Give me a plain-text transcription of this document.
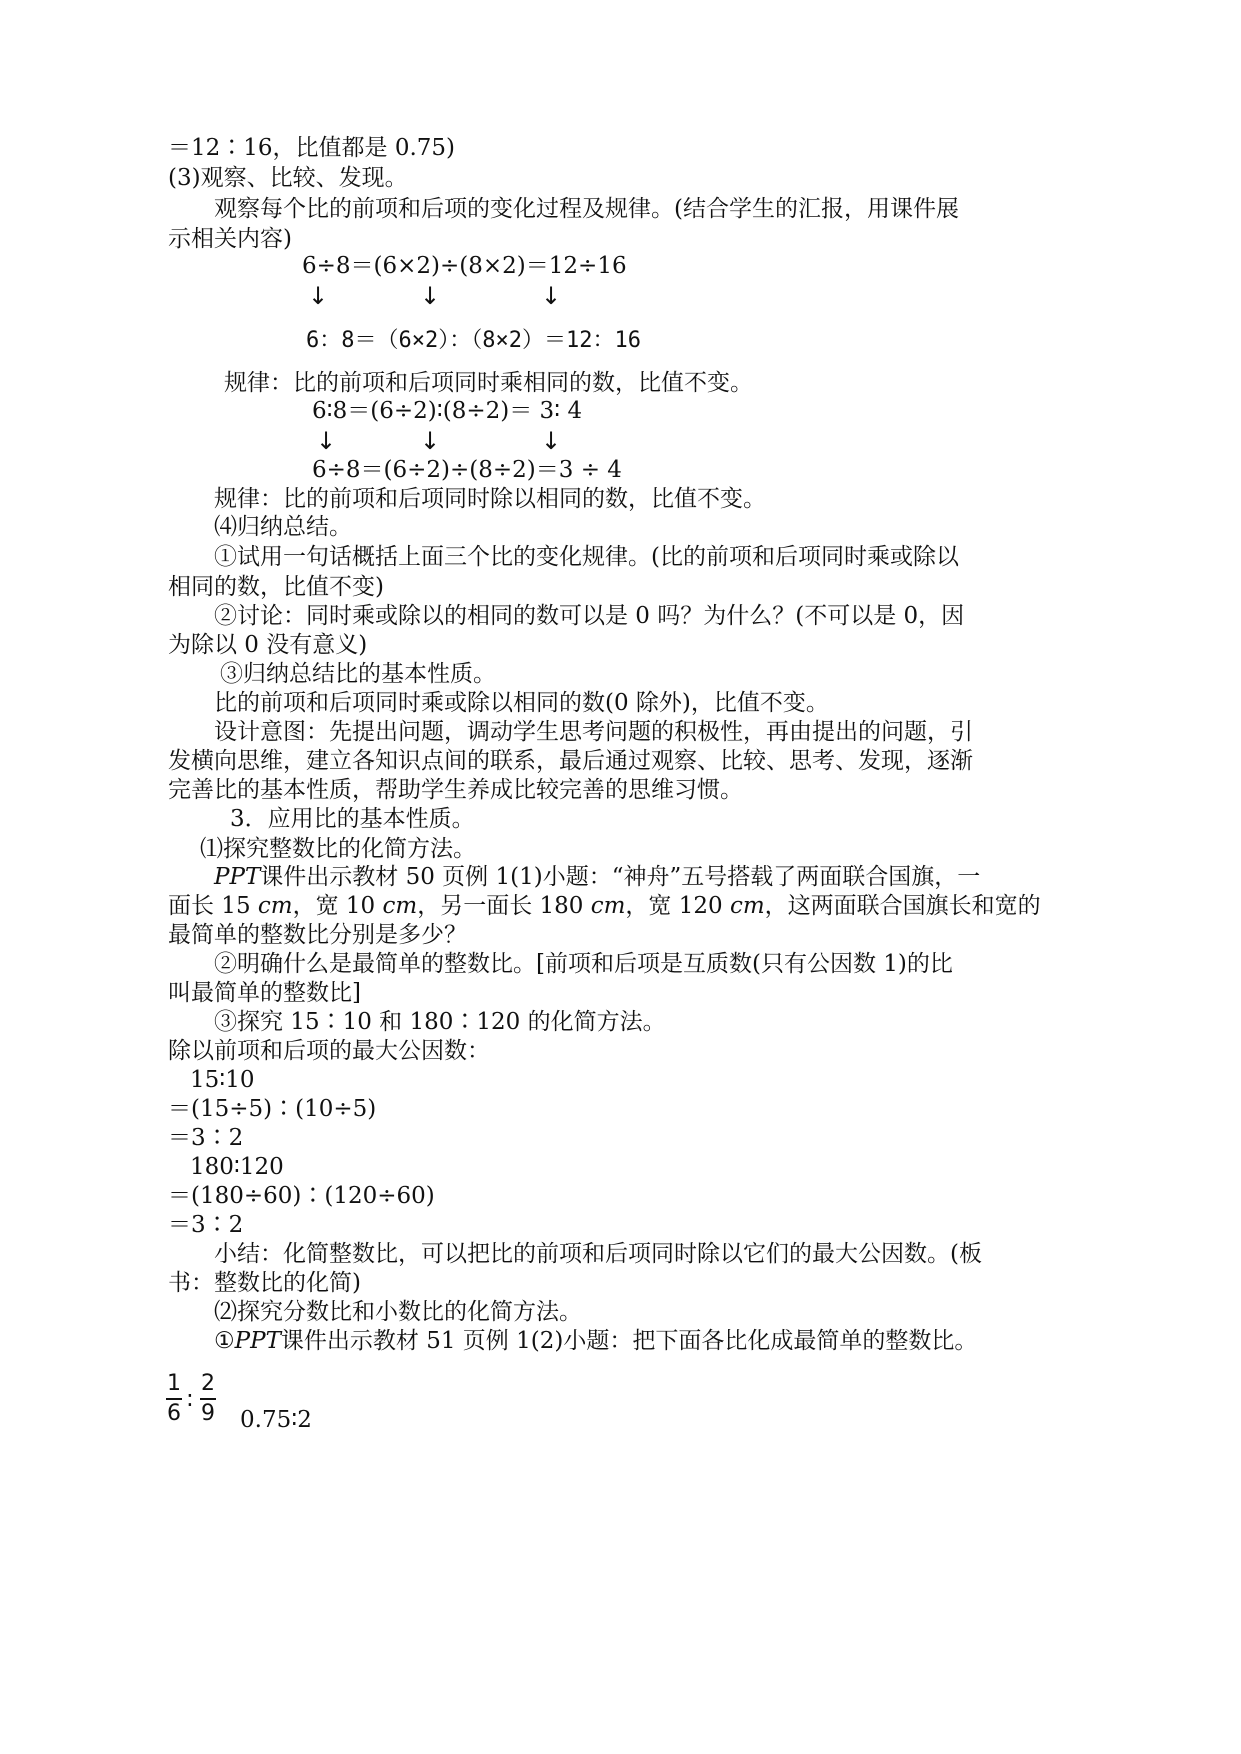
＝12∶16，比值都是 0.75)

(3)观察、比较、发现。

观察每个比的前项和后项的变化过程及规律。(结合学生的汇报，用课件展

示相关内容)

6÷8＝(6×2)÷(8×2)＝12÷16

↓	↓	↓

6：8＝（6×2）：（8×2）＝12：16

规律：比的前项和后项同时乘相同的数，比值不变。

6∶8＝(6÷2)∶(8÷2)＝ 3∶ 4

↓	↓	↓

6÷8＝(6÷2)÷(8÷2)＝3 ÷ 4

规律：比的前项和后项同时除以相同的数，比值不变。

⑷归纳总结。

①试用一句话概括上面三个比的变化规律。(比的前项和后项同时乘或除以

相同的数，比值不变)

②讨论：同时乘或除以的相同的数可以是 0 吗？为什么？(不可以是 0，因

为除以 0 没有意义)

③归纳总结比的基本性质。

比的前项和后项同时乘或除以相同的数(0 除外)，比值不变。

设计意图：先提出问题，调动学生思考问题的积极性，再由提出的问题，引

发横向思维，建立各知识点间的联系，最后通过观察、比较、思考、发现，逐渐

完善比的基本性质，帮助学生养成比较完善的思维习惯。

3．应用比的基本性质。

⑴探究整数比的化简方法。

PPT课件出示教材 50 页例 1(1)小题：“神舟”五号搭载了两面联合国旗，一

面长 15 cm，宽 10 cm，另一面长 180 cm，宽 120 cm，这两面联合国旗长和宽的

最简单的整数比分别是多少？

②明确什么是最简单的整数比。[前项和后项是互质数(只有公因数 1)的比

叫最简单的整数比]

③探究 15∶10 和 180∶120 的化简方法。

除以前项和后项的最大公因数：

15∶10

＝(15÷5)∶(10÷5)

＝3∶2

180∶120

＝(180÷60)∶(120÷60)

＝3∶2

小结：化简整数比，可以把比的前项和后项同时除以它们的最大公因数。(板

书：整数比的化简)

⑵探究分数比和小数比的化简方法。

①PPT课件出示教材 51 页例 1(2)小题：把下面各比化成最简单的整数比。

1
6
:
2
9 0.75∶2
